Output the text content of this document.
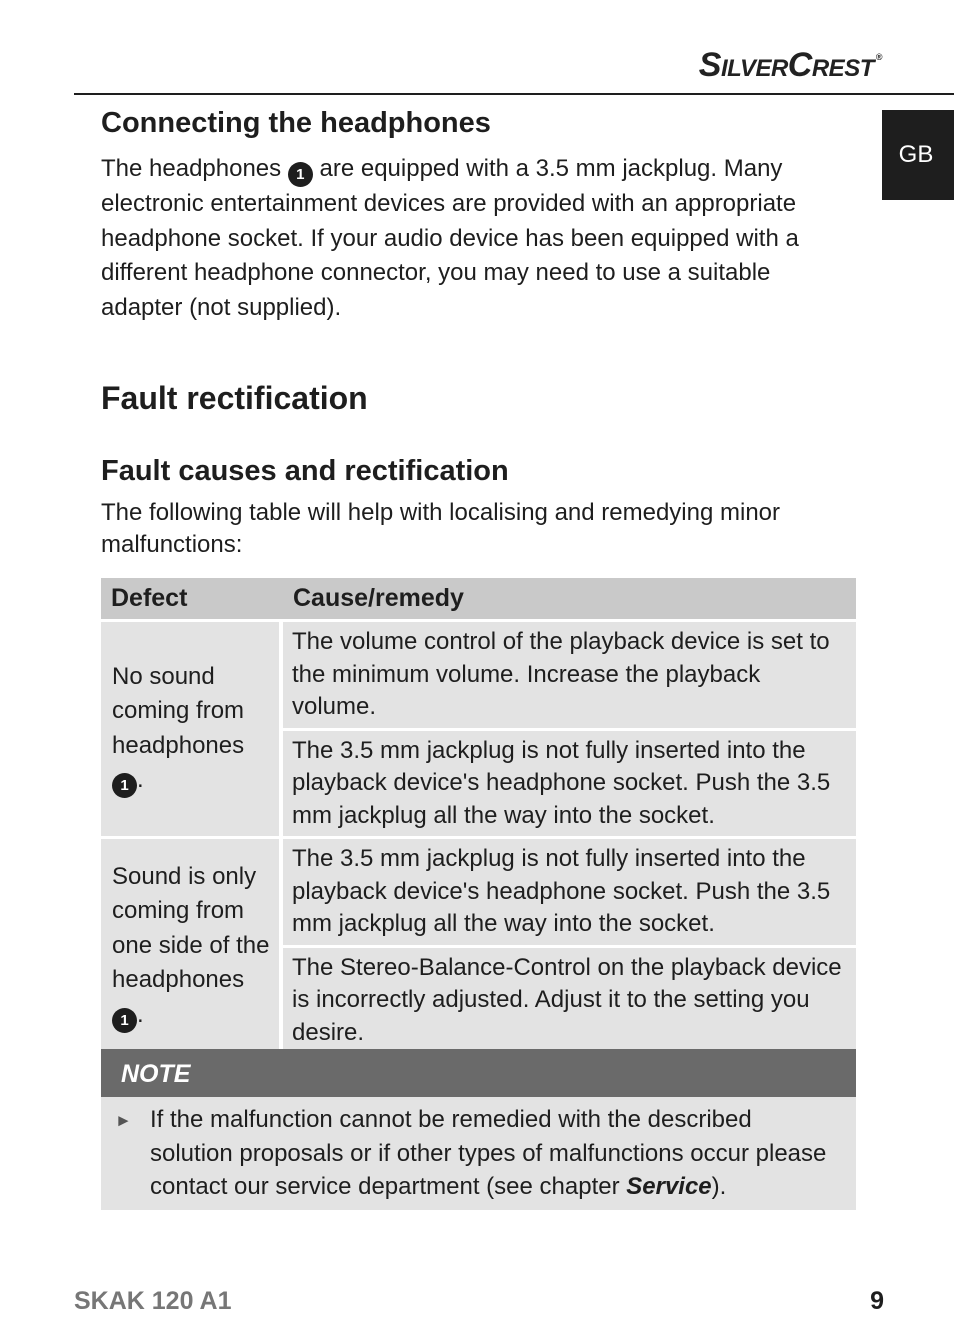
SilverCrest ®
GB
Connecting the headphones

The headphones 1 are equipped with a 3.5 mm jackplug. Many electronic entertainment devices are provided with an appropriate headphone socket. If your audio device has been equipped with a different headphone connector, you may need to use a suitable adapter (not supplied).

Fault rectification
Fault causes and rectification

The following table will help with localising and remedying minor malfunctions:

Defect	Cause/remedy
No sound coming from headphones
1 .
The volume control of the playback device is set to the minimum volume. Increase the playback volume.
The 3.5 mm jackplug is not fully inserted into the playback device's headphone socket. Push the 3.5 mm jackplug all the way into the socket.
Sound is only coming from one side of the headphones
1 .
The 3.5 mm jackplug is not fully inserted into the playback device's headphone socket. Push the 3.5 mm jackplug all the way into the socket.
The Stereo-Balance-Control on the playback device is incorrectly adjusted. Adjust it to the setting you desire.
NOTE
► If the malfunction cannot be remedied with the described solution proposals or if other types of malfunctions occur please contact our service department (see chapter Service).
SKAK 120 A1	9
